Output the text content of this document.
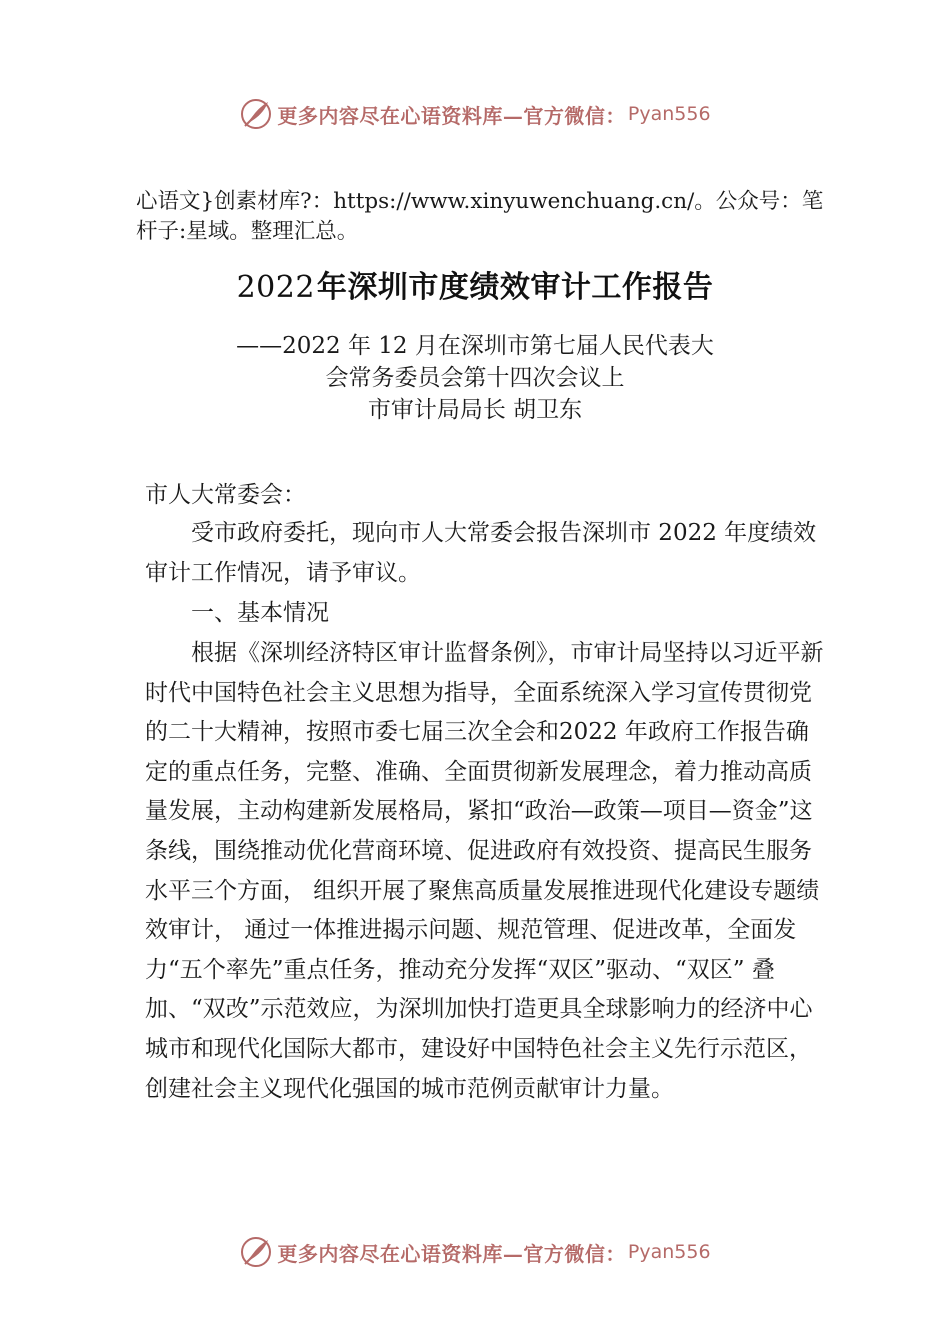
更多内容尽在心语资料库—官方微信： Pyan556
心语文}创素材库?：https://www.xinyuwenchuang.cn/。公众号：笔杆子:星域。整理汇总。
2022年深圳市度绩效审计工作报告
——2022 年 12 月在深圳市第七届人民代表大
会常务委员会第十四次会议上
市审计局局长 胡卫东
市人大常委会：
受市政府委托，现向市人大常委会报告深圳市 2022 年度绩效审计工作情况，请予审议。
一、基本情况
根据《深圳经济特区审计监督条例》，市审计局坚持以习近平新时代中国特色社会主义思想为指导，全面系统深入学习宣传贯彻党的二十大精神，按照市委七届三次全会和2022 年政府工作报告确定的重点任务，完整、准确、全面贯彻新发展理念，着力推动高质量发展，主动构建新发展格局，紧扣“政治—政策—项目—资金”这条线，围绕推动优化营商环境、促进政府有效投资、提高民生服务水平三个方面， 组织开展了聚焦高质量发展推进现代化建设专题绩效审计， 通过一体推进揭示问题、规范管理、促进改革，全面发力“五个率先”重点任务，推动充分发挥“双区”驱动、“双区” 叠加、“双改”示范效应，为深圳加快打造更具全球影响力的经济中心城市和现代化国际大都市，建设好中国特色社会主义先行示范区，创建社会主义现代化强国的城市范例贡献审计力量。
更多内容尽在心语资料库—官方微信： Pyan556
